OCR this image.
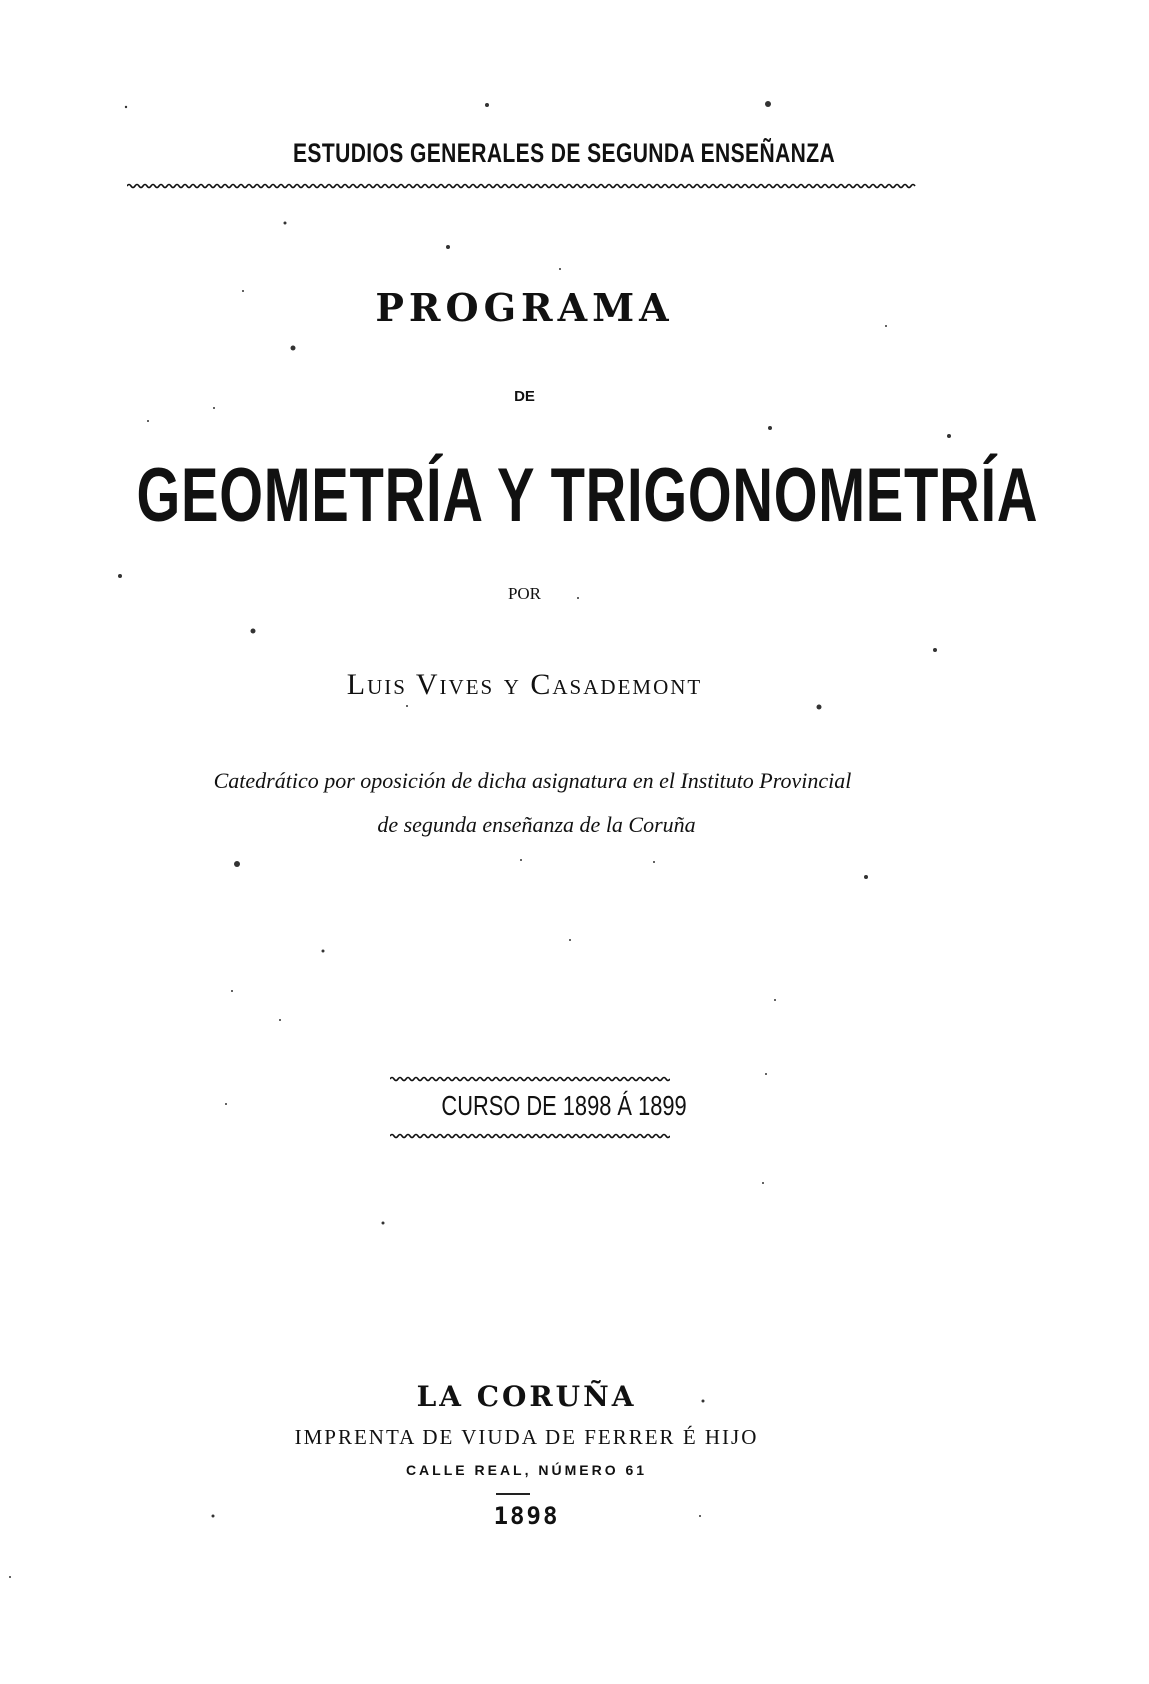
ESTUDIOS GENERALES DE SEGUNDA ENSEÑANZA
PROGRAMA
DE
GEOMETRÍA Y TRIGONOMETRÍA
POR
Luis Vives y Casademont
Catedrático por oposición de dicha asignatura en el Instituto Provincial
de segunda enseñanza de la Coruña
CURSO DE 1898 Á 1899
LA CORUÑA
IMPRENTA DE VIUDA DE FERRER É HIJO
CALLE REAL, NÚMERO 61
1898
